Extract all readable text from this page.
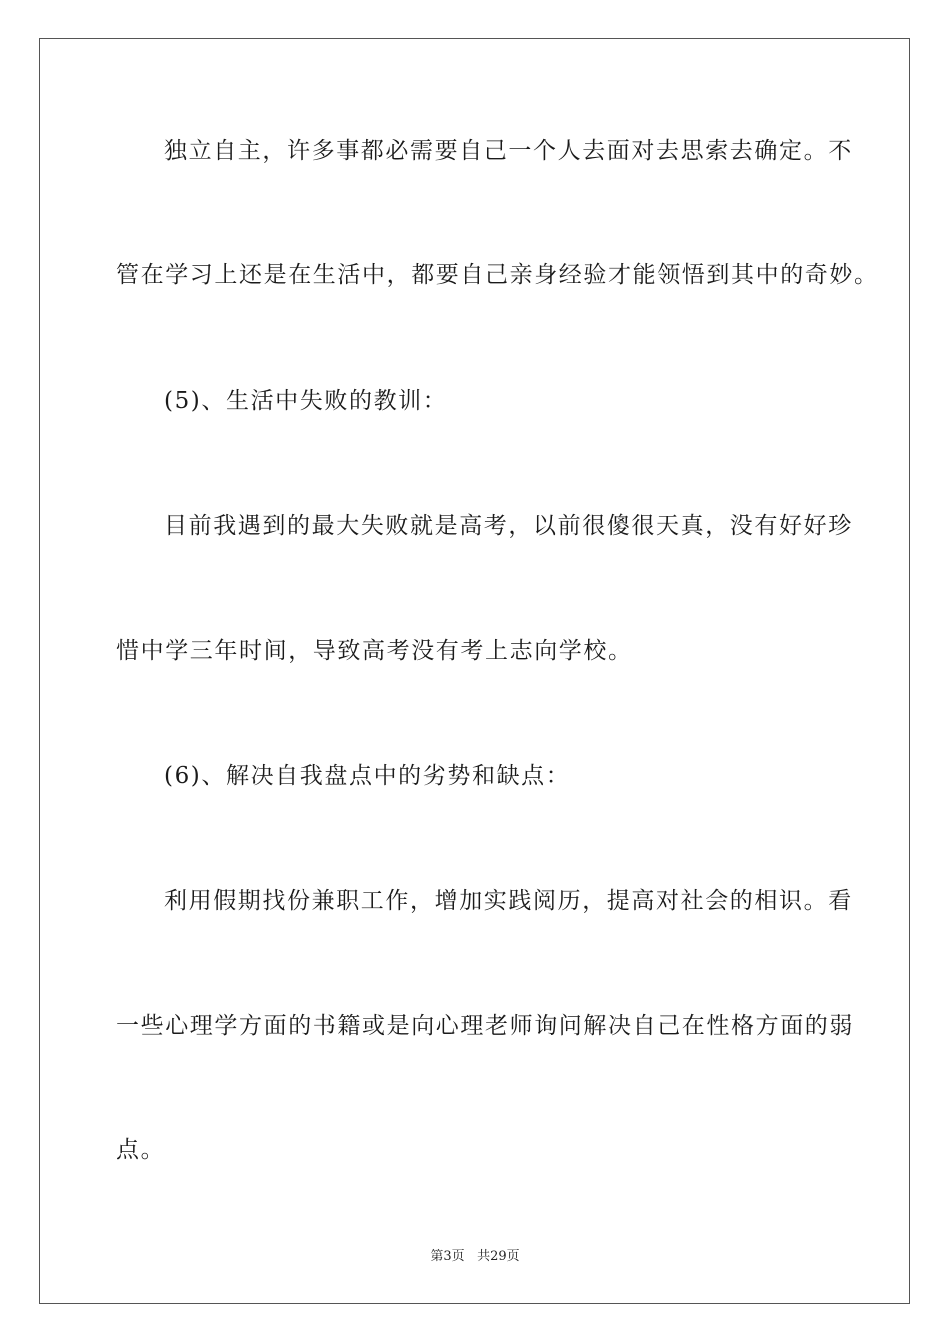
独立自主，许多事都必需要自己一个人去面对去思索去确定。不
管在学习上还是在生活中，都要自己亲身经验才能领悟到其中的奇妙。
(5)、生活中失败的教训：
目前我遇到的最大失败就是高考，以前很傻很天真，没有好好珍
惜中学三年时间，导致高考没有考上志向学校。
(6)、解决自我盘点中的劣势和缺点：
利用假期找份兼职工作，增加实践阅历，提高对社会的相识。看
一些心理学方面的书籍或是向心理老师询问解决自己在性格方面的弱
点。
第3页 共29页
